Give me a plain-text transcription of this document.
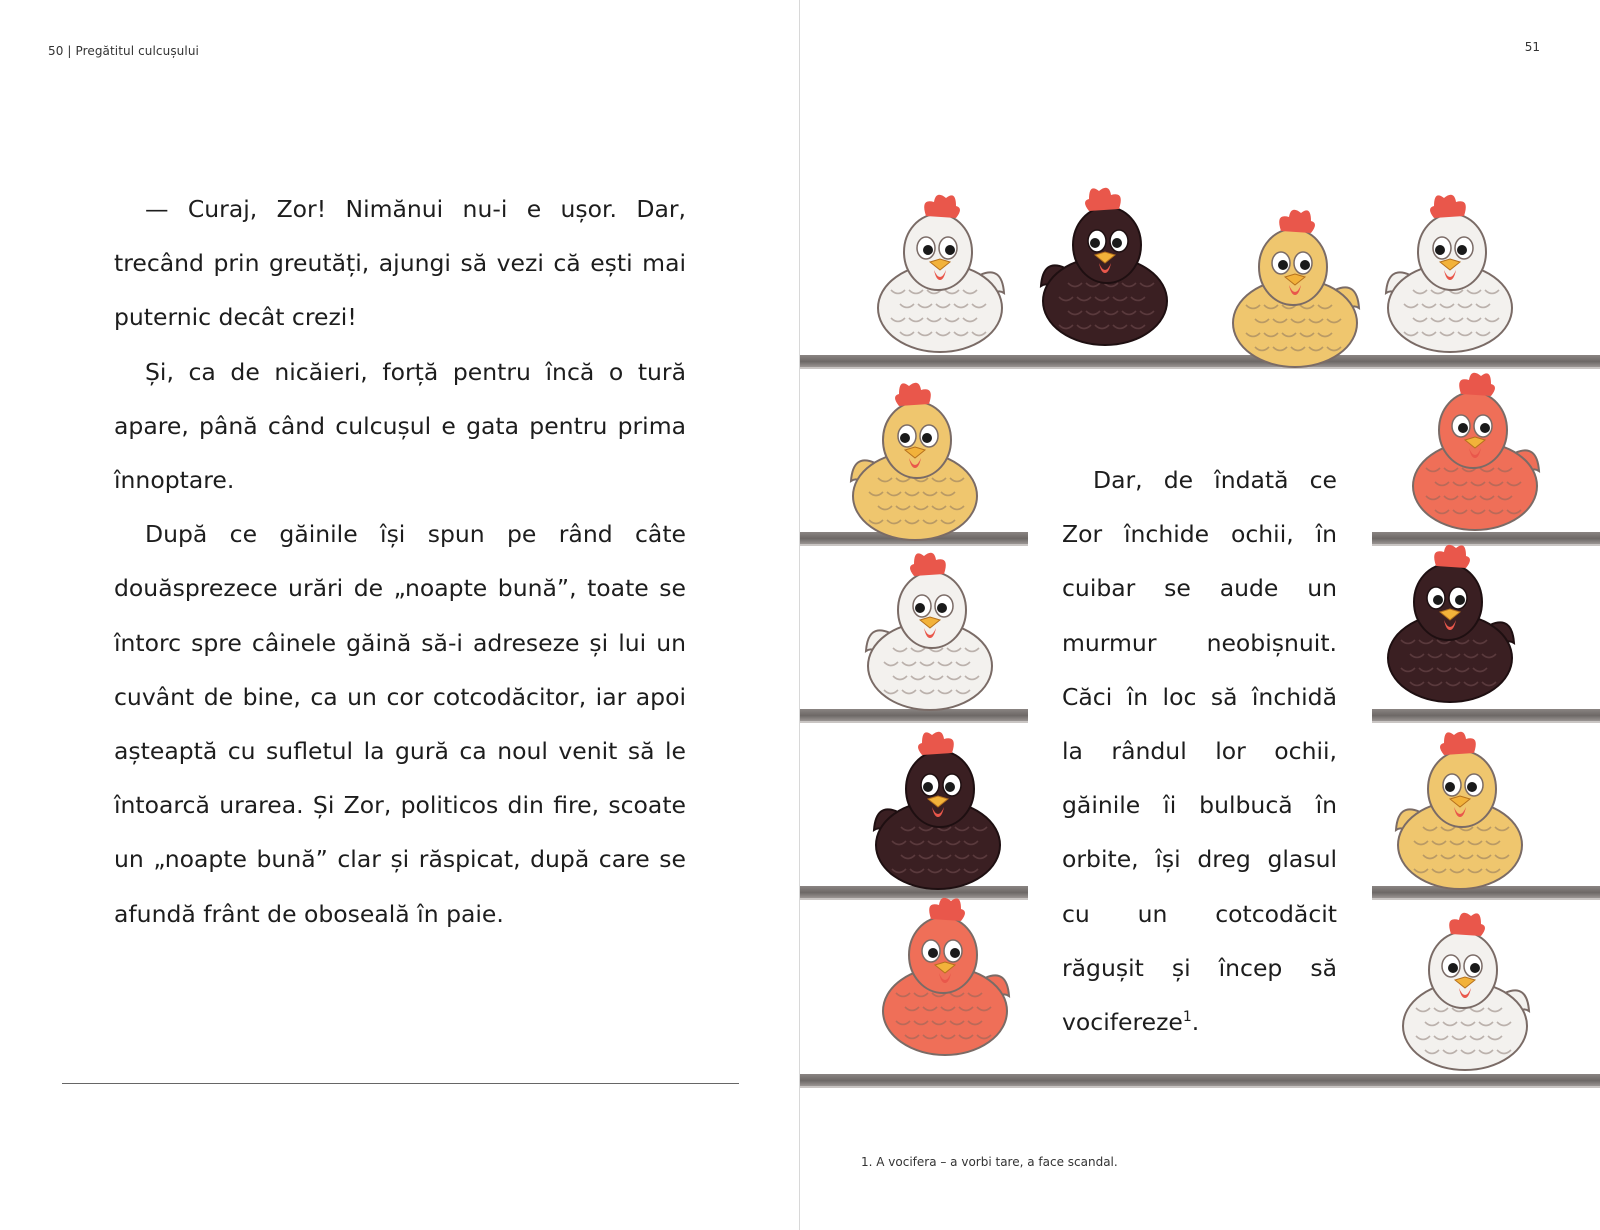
50 | Pregătitul culcușului

— Curaj, Zor! Nimănui nu-i e ușor. Dar, trecând prin greutăți, ajungi să vezi că ești mai puternic decât crezi!

Și, ca de nicăieri, forță pentru încă o tură apare, până când culcușul e gata pentru prima înnoptare.

După ce găinile își spun pe rând câte douăsprezece urări de „noapte bună”, toate se întorc spre câinele găină să-i adreseze și lui un cuvânt de bine, ca un cor cotcodăcitor, iar apoi așteaptă cu sufletul la gură ca noul venit să le întoarcă urarea. Și Zor, politicos din fire, scoate un „noapte bună” clar și răspicat, după care se afundă frânt de oboseală în paie.

51

Dar, de îndată ce Zor închide ochii, în cuibar se aude un murmur neobișnuit. Căci în loc să închidă la rândul lor ochii, găinile îi bulbucă în orbite, își dreg glasul cu un cotcodăcit răgușit și încep să vocifereze$^1$.

1. A vocifera – a vorbi tare, a face scandal.
